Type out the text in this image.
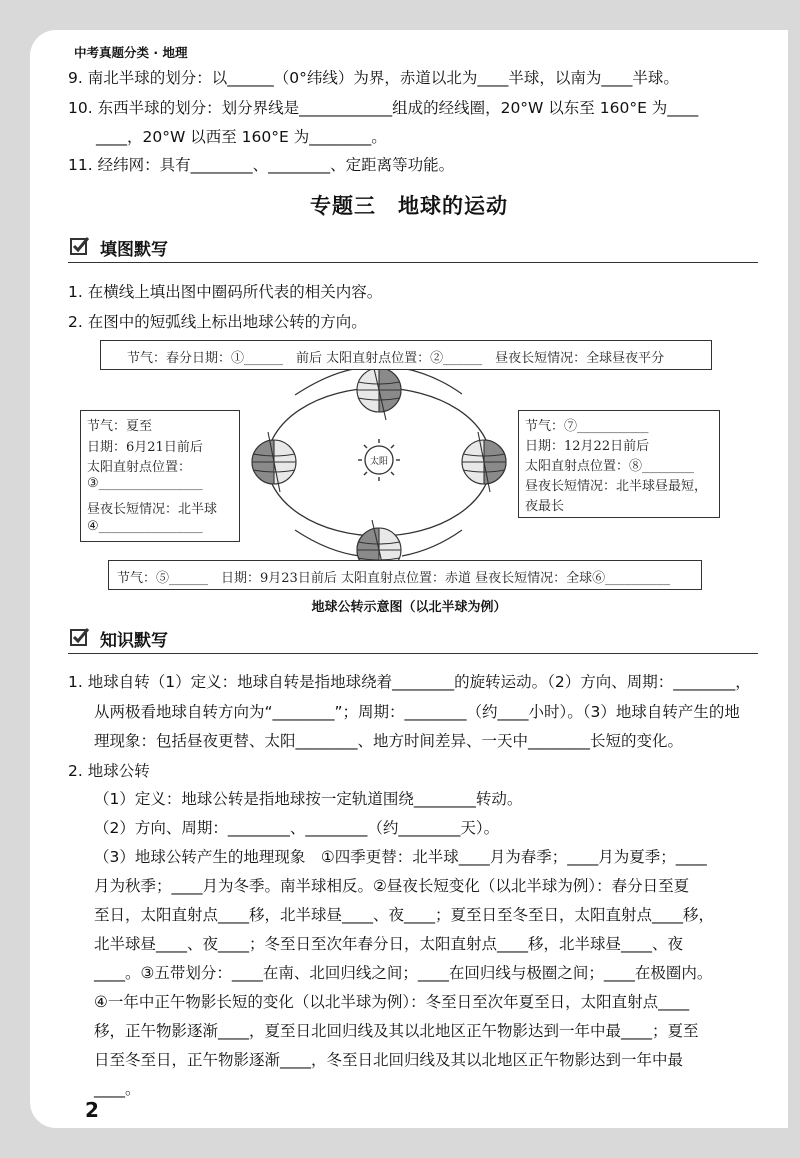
中考真题分类 · 地理
9. 南北半球的划分：以______（0°纬线）为界，赤道以北为____半球，以南为____半球。
10. 东西半球的划分：划分界线是____________组成的经线圈，20°W 以东至 160°E 为____
____，20°W 以西至 160°E 为________。
11. 经纬网：具有________、________、定距离等功能。
专题三　地球的运动
填图默写
1. 在横线上填出图中圈码所代表的相关内容。
2. 在图中的短弧线上标出地球公转的方向。
太阳
节气：春分日期：①______　前后 太阳直射点位置：②______　昼夜长短情况：全球昼夜平分
节气：夏至
日期：6月21日前后
太阳直射点位置：
③________________
昼夜长短情况：北半球
④________________
节气：⑦___________
日期：12月22日前后
太阳直射点位置：⑧________
昼夜长短情况：北半球昼最短，
夜最长
节气：⑤______　日期：9月23日前后 太阳直射点位置：赤道 昼夜长短情况：全球⑥__________
地球公转示意图（以北半球为例）
知识默写
1. 地球自转（1）定义：地球自转是指地球绕着________的旋转运动。（2）方向、周期：________，
从两极看地球自转方向为“________”；周期：________（约____小时）。（3）地球自转产生的地
理现象：包括昼夜更替、太阳________、地方时间差异、一天中________长短的变化。
2. 地球公转
（1）定义：地球公转是指地球按一定轨道围绕________转动。
（2）方向、周期：________、________（约________天）。
（3）地球公转产生的地理现象　①四季更替：北半球____月为春季；____月为夏季；____
月为秋季；____月为冬季。南半球相反。②昼夜长短变化（以北半球为例）：春分日至夏
至日，太阳直射点____移，北半球昼____、夜____；夏至日至冬至日，太阳直射点____移，
北半球昼____、夜____；冬至日至次年春分日，太阳直射点____移，北半球昼____、夜
____。③五带划分：____在南、北回归线之间；____在回归线与极圈之间；____在极圈内。
④一年中正午物影长短的变化（以北半球为例）：冬至日至次年夏至日，太阳直射点____
移，正午物影逐渐____，夏至日北回归线及其以北地区正午物影达到一年中最____；夏至
日至冬至日，正午物影逐渐____，冬至日北回归线及其以北地区正午物影达到一年中最
____。
2
